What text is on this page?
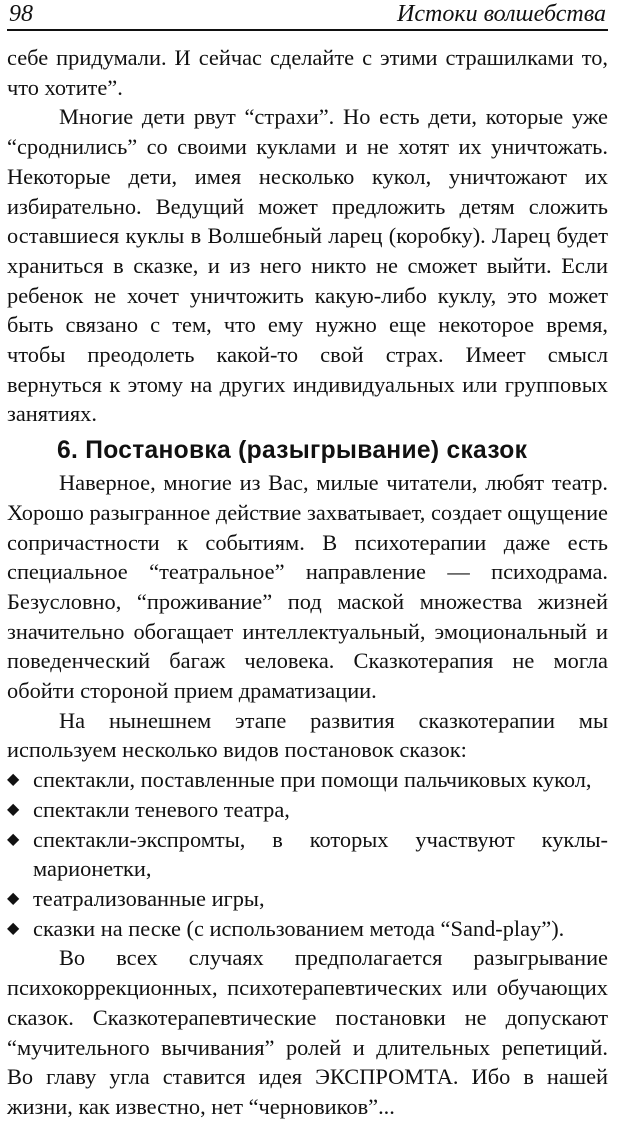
98	Истоки волшебства

себе придумали. И сейчас сделайте с этими страшилками то, что хотите”.

Многие дети рвут “страхи”. Но есть дети, которые уже “сроднились” со своими куклами и не хотят их уничтожать. Некоторые дети, имея несколько кукол, уничтожают их избирательно. Ведущий может предложить детям сложить оставшиеся куклы в Волшебный ларец (коробку). Ларец будет храниться в сказке, и из него никто не сможет выйти. Если ребенок не хочет уничтожить какую-либо куклу, это может быть связано с тем, что ему нужно еще некоторое время, чтобы преодолеть какой-то свой страх. Имеет смысл вернуться к этому на других индивидуальных или групповых занятиях.

6. Постановка (разыгрывание) сказок

Наверное, многие из Вас, милые читатели, любят театр. Хорошо разыгранное действие захватывает, создает ощущение сопричастности к событиям. В психотерапии даже есть специальное “театральное” направление — психодрама. Безусловно, “проживание” под маской множества жизней значительно обогащает интеллектуальный, эмоциональный и поведенческий багаж человека. Сказкотерапия не могла обойти стороной прием драматизации.

На нынешнем этапе развития сказкотерапии мы используем несколько видов постановок сказок:

◆ спектакли, поставленные при помощи пальчиковых кукол,
◆ спектакли теневого театра,
◆ спектакли-экспромты, в которых участвуют куклы-марионетки,
◆ театрализованные игры,
◆ сказки на песке (с использованием метода “Sand-play”).

Во всех случаях предполагается разыгрывание психокоррекционных, психотерапевтических или обучающих сказок. Сказкотерапевтические постановки не допускают “мучительного вычивания” ролей и длительных репетиций. Во главу угла ставится идея ЭКСПРОМТА. Ибо в нашей жизни, как известно, нет “черновиков”...
